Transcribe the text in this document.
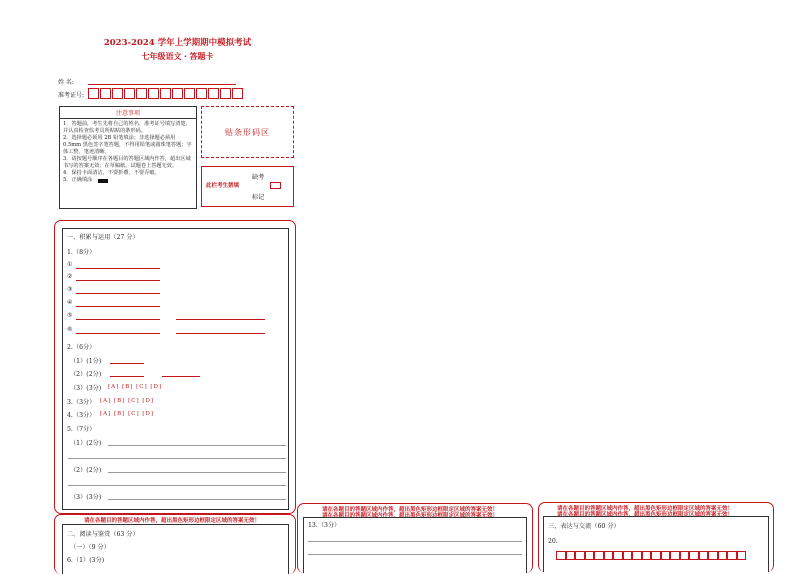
2023-2024 学年上学期期中模拟考试
七年级语文・答题卡
姓 名:
准考证号:
注意事项
1．答题前，考生先将自己的姓名、准考证号填写清楚，并认真检查监考员所粘贴的条形码。
2．选择题必须用 2B 铅笔填涂；非选择题必须用 0.5mm 黑色签字笔答题，不得用铅笔或圆珠笔答题；字体工整、笔迹清晰。
3．请按题号顺序在各题目的答题区域内作答，超出区域书写的答案无效；在草稿纸、试题卷上答题无效。
4．保持卡面清洁，不要折叠、不要弄破。
5．正确填涂
贴条形码区
此栏考生禁填
缺考
标记
一、积累与运用（27 分）
1.（8分）
①
②
③
④
⑤
⑥
2.（6分）
（1）(1分)
（2）(2分)
（3）(3分) [A] [B] [C] [D]
3.（3分） [A] [B] [C] [D]
4.（3分） [A] [B] [C] [D]
5.（7分）
（1）(2分)
（2）(2分)
（3）(3分)
请在各题目的答题区域内作答，超出黑色矩形边框限定区域的答案无效！
二、阅读与鉴赏（63 分）
（一）（9 分）
6.（1）(3分)
请在各题目的答题区域内作答，超出黑色矩形边框限定区域的答案无效！
请在各题目的答题区域内作答，超出黑色矩形边框限定区域的答案无效！
13.（3分）
请在各题目的答题区域内作答，超出黑色矩形边框限定区域的答案无效！
请在各题目的答题区域内作答，超出黑色矩形边框限定区域的答案无效！
三、表达与交流（60 分）
20.
